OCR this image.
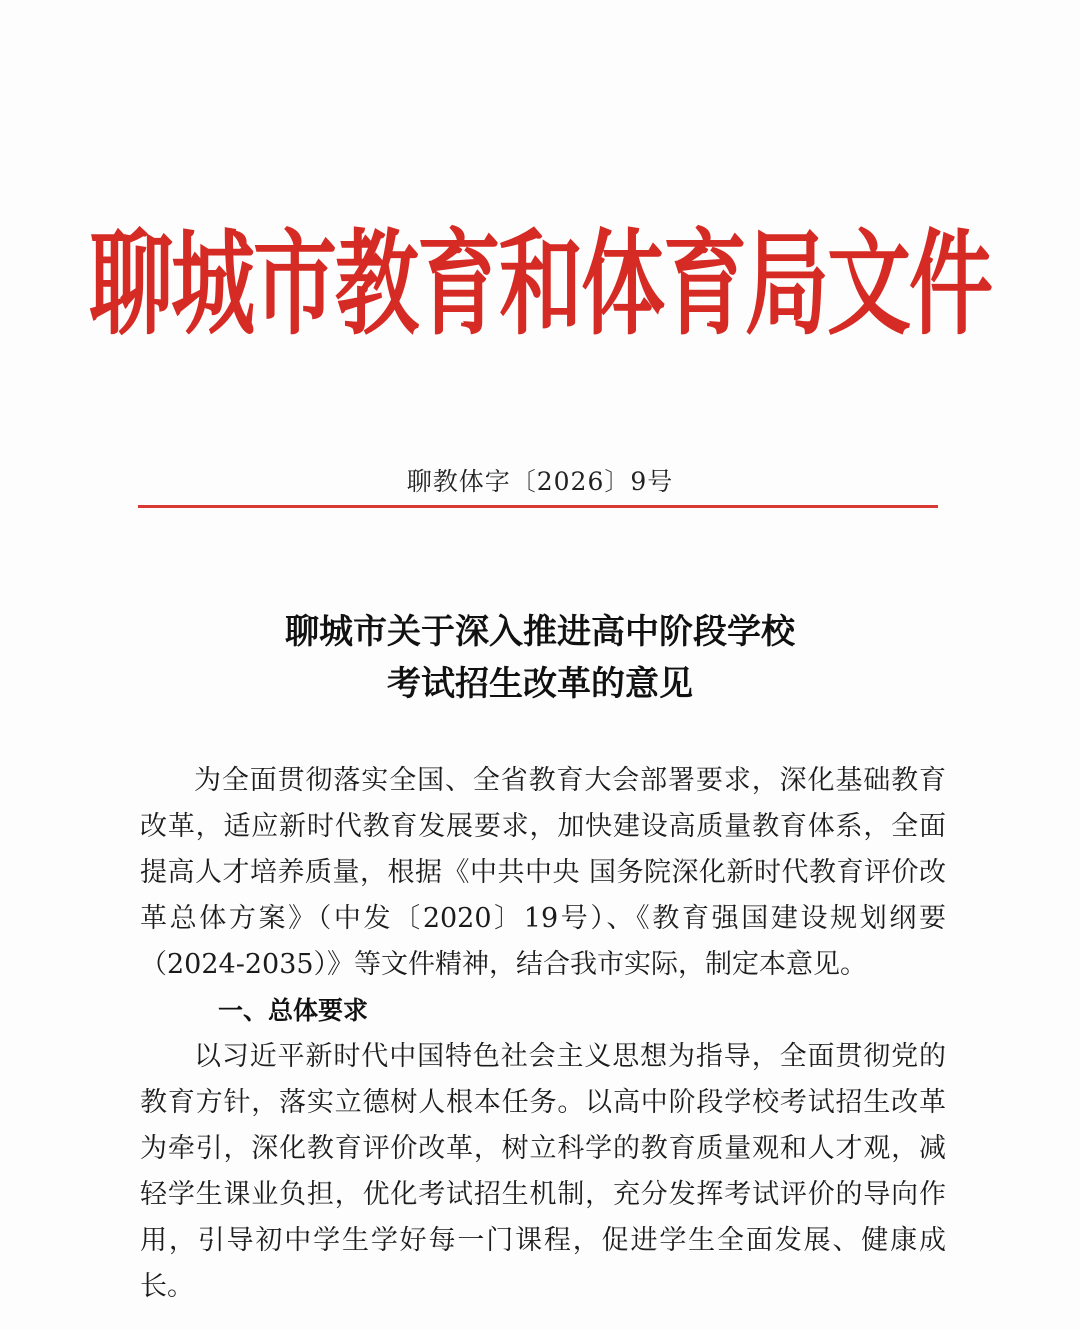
聊城市教育和体育局文件
聊教体字〔2026〕9号
聊城市关于深入推进高中阶段学校
考试招生改革的意见

为全面贯彻落实全国、全省教育大会部署要求，深化基础教育改革，适应新时代教育发展要求，加快建设高质量教育体系，全面提高人才培养质量，根据《中共中央 国务院深化新时代教育评价改革总体方案》（中发〔2020〕19号）、《教育强国建设规划纲要（2024-2035）》等文件精神，结合我市实际，制定本意见。

一、总体要求

以习近平新时代中国特色社会主义思想为指导，全面贯彻党的教育方针，落实立德树人根本任务。以高中阶段学校考试招生改革为牵引，深化教育评价改革，树立科学的教育质量观和人才观，减轻学生课业负担，优化考试招生机制，充分发挥考试评价的导向作用，引导初中学生学好每一门课程，促进学生全面发展、健康成长。
